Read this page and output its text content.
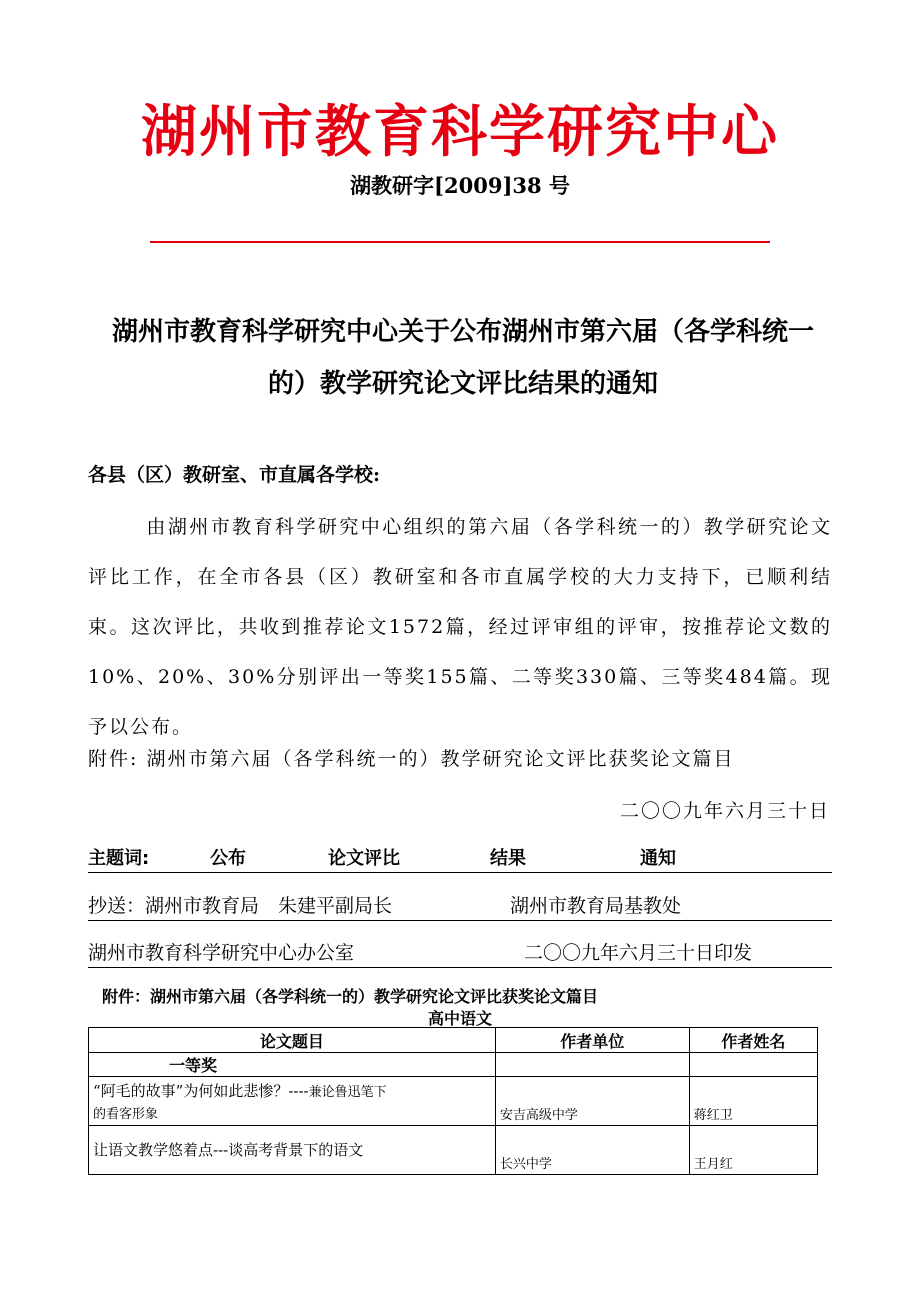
湖州市教育科学研究中心
湖教研字[2009]38 号
湖州市教育科学研究中心关于公布湖州市第六届（各学科统一
的）教学研究论文评比结果的通知
各县（区）教研室、市直属各学校:

由湖州市教育科学研究中心组织的第六届（各学科统一的）教学研究论文评比工作，在全市各县（区）教研室和各市直属学校的大力支持下，已顺利结束。这次评比，共收到推荐论文1572篇，经过评审组的评审，按推荐论文数的10%、20%、30%分别评出一等奖155篇、二等奖330篇、三等奖484篇。现予以公布。

附件: 湖州市第六届（各学科统一的）教学研究论文评比获奖论文篇目
二〇〇九年六月三十日
主题词:	公布	论文评比	结果	通知
抄送：湖州市教育局　朱建平副局长	湖州市教育局基教处
湖州市教育科学研究中心办公室	二〇〇九年六月三十日印发
附件：湖州市第六届（各学科统一的）教学研究论文评比获奖论文篇目
高中语文
论文题目	作者单位	作者姓名
一等奖		
“阿毛的故事”为何如此悲惨？----兼论鲁迅笔下
的看客形象	安吉高级中学	蒋红卫
让语文教学悠着点---谈高考背景下的语文	长兴中学	王月红
